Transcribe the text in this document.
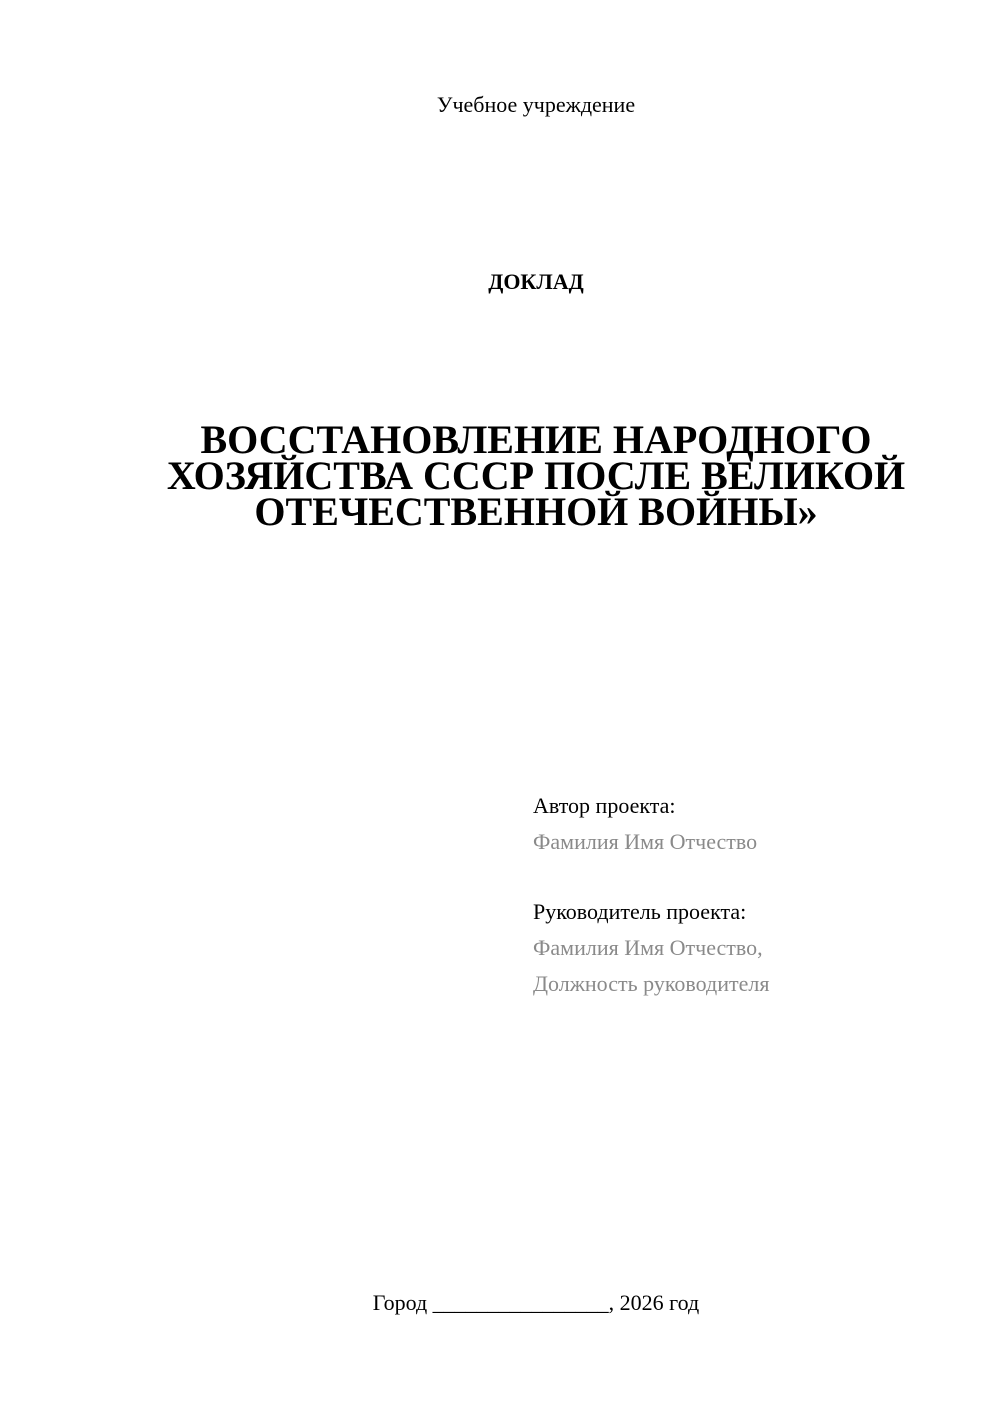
Учебное учреждение
ДОКЛАД
ВОССТАНОВЛЕНИЕ НАРОДНОГО
ХОЗЯЙСТВА СССР ПОСЛЕ ВЕЛИКОЙ
ОТЕЧЕСТВЕННОЙ ВОЙНЫ»
Автор проекта:
Фамилия Имя Отчество
Руководитель проекта:
Фамилия Имя Отчество,
Должность руководителя
Город ________________, 2026 год
